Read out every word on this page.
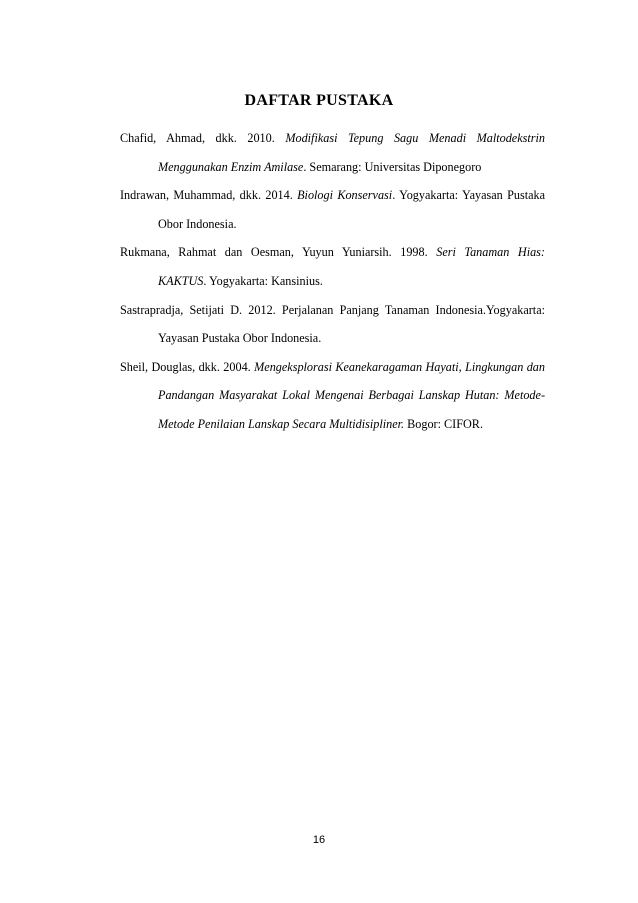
DAFTAR PUSTAKA

Chafid, Ahmad, dkk. 2010. Modifikasi Tepung Sagu Menadi Maltodekstrin Menggunakan Enzim Amilase. Semarang: Universitas Diponegoro

Indrawan, Muhammad, dkk. 2014. Biologi Konservasi. Yogyakarta: Yayasan Pustaka Obor Indonesia.

Rukmana, Rahmat dan Oesman, Yuyun Yuniarsih. 1998. Seri Tanaman Hias: KAKTUS. Yogyakarta: Kansinius.

Sastrapradja, Setijati D. 2012. Perjalanan Panjang Tanaman Indonesia.Yogyakarta: Yayasan Pustaka Obor Indonesia.

Sheil, Douglas, dkk. 2004. Mengeksplorasi Keanekaragaman Hayati, Lingkungan dan Pandangan Masyarakat Lokal Mengenai Berbagai Lanskap Hutan: Metode-Metode Penilaian Lanskap Secara Multidisipliner. Bogor: CIFOR.

16
